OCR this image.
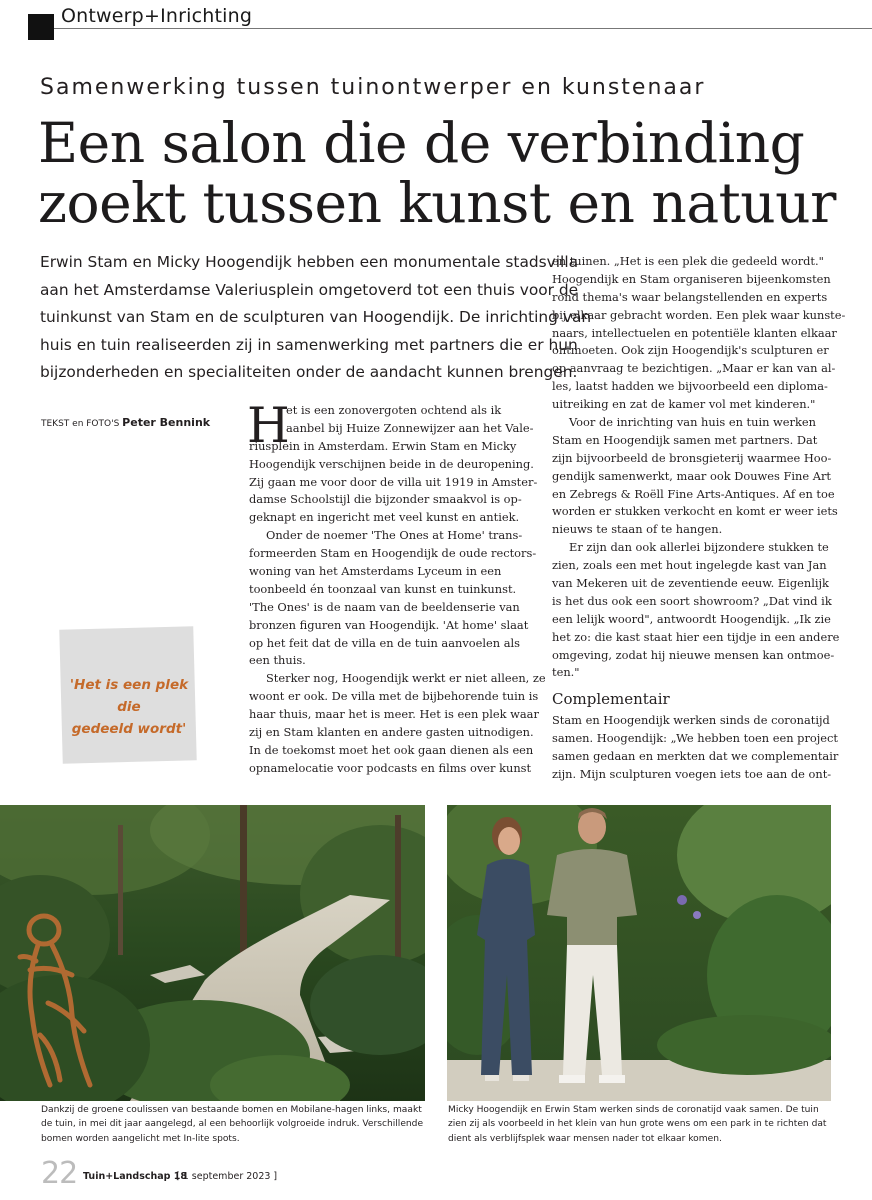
Ontwerp+Inrichting
Samenwerking tussen tuinontwerper en kunstenaar
Een salon die de verbinding
zoekt tussen kunst en natuur
Erwin Stam en Micky Hoogendijk hebben een monumentale stadsvilla
aan het Amsterdamse Valeriusplein omgetoverd tot een thuis voor de
tuinkunst van Stam en de sculpturen van Hoogendijk. De inrichting van
huis en tuin realiseerden zij in samenwerking met partners die er hun
bijzonderheden en specialiteiten onder de aandacht kunnen brengen.
TEKST en FOTO'S Peter Bennink
'Het is een plek die
gedeeld wordt'
H
et is een zonovergoten ochtend als ik
aanbel bij Huize Zonnewijzer aan het Vale-
riusplein in Amsterdam. Erwin Stam en Micky
Hoogendijk verschijnen beide in de deuropening.
Zij gaan me voor door de villa uit 1919 in Amster-
damse Schoolstijl die bijzonder smaakvol is op-
geknapt en ingericht met veel kunst en antiek.
Onder de noemer 'The Ones at Home' trans-
formeerden Stam en Hoogendijk de oude rectors-
woning van het Amsterdams Lyceum in een
toonbeeld én toonzaal van kunst en tuinkunst.
'The Ones' is de naam van de beeldenserie van
bronzen figuren van Hoogendijk. 'At home' slaat
op het feit dat de villa en de tuin aanvoelen als
een thuis.
Sterker nog, Hoogendijk werkt er niet alleen, ze
woont er ook. De villa met de bijbehorende tuin is
haar thuis, maar het is meer. Het is een plek waar
zij en Stam klanten en andere gasten uitnodigen.
In de toekomst moet het ook gaan dienen als een
opnamelocatie voor podcasts en films over kunst
en tuinen. „Het is een plek die gedeeld wordt."
Hoogendijk en Stam organiseren bijeenkomsten
rond thema's waar belangstellenden en experts
bij elkaar gebracht worden. Een plek waar kunste-
naars, intellectuelen en potentiële klanten elkaar
ontmoeten. Ook zijn Hoogendijk's sculpturen er
op aanvraag te bezichtigen. „Maar er kan van al-
les, laatst hadden we bijvoorbeeld een diploma-
uitreiking en zat de kamer vol met kinderen."
Voor de inrichting van huis en tuin werken
Stam en Hoogendijk samen met partners. Dat
zijn bijvoorbeeld de bronsgieterij waarmee Hoo-
gendijk samenwerkt, maar ook Douwes Fine Art
en Zebregs & Roëll Fine Arts-Antiques. Af en toe
worden er stukken verkocht en komt er weer iets
nieuws te staan of te hangen.
Er zijn dan ook allerlei bijzondere stukken te
zien, zoals een met hout ingelegde kast van Jan
van Mekeren uit de zeventiende eeuw. Eigenlijk
is het dus ook een soort showroom? „Dat vind ik
een lelijk woord", antwoordt Hoogendijk. „Ik zie
het zo: die kast staat hier een tijdje in een andere
omgeving, zodat hij nieuwe mensen kan ontmoe-
ten."
Complementair
Stam en Hoogendijk werken sinds de coronatijd
samen. Hoogendijk: „We hebben toen een project
samen gedaan en merkten dat we complementair
zijn. Mijn sculpturen voegen iets toe aan de ont-
Dankzij de groene coulissen van bestaande bomen en Mobilane-hagen links, maakt
de tuin, in mei dit jaar aangelegd, al een behoorlijk volgroeide indruk. Verschillende
bomen worden aangelicht met In-lite spots.
Micky Hoogendijk en Erwin Stam werken sinds de coronatijd vaak samen. De tuin
zien zij als voorbeeld in het klein van hun grote wens om een park in te richten dat
dient als verblijfsplek waar mensen nader tot elkaar komen.
22 Tuin+Landschap 18
[ 1 september 2023 ]
